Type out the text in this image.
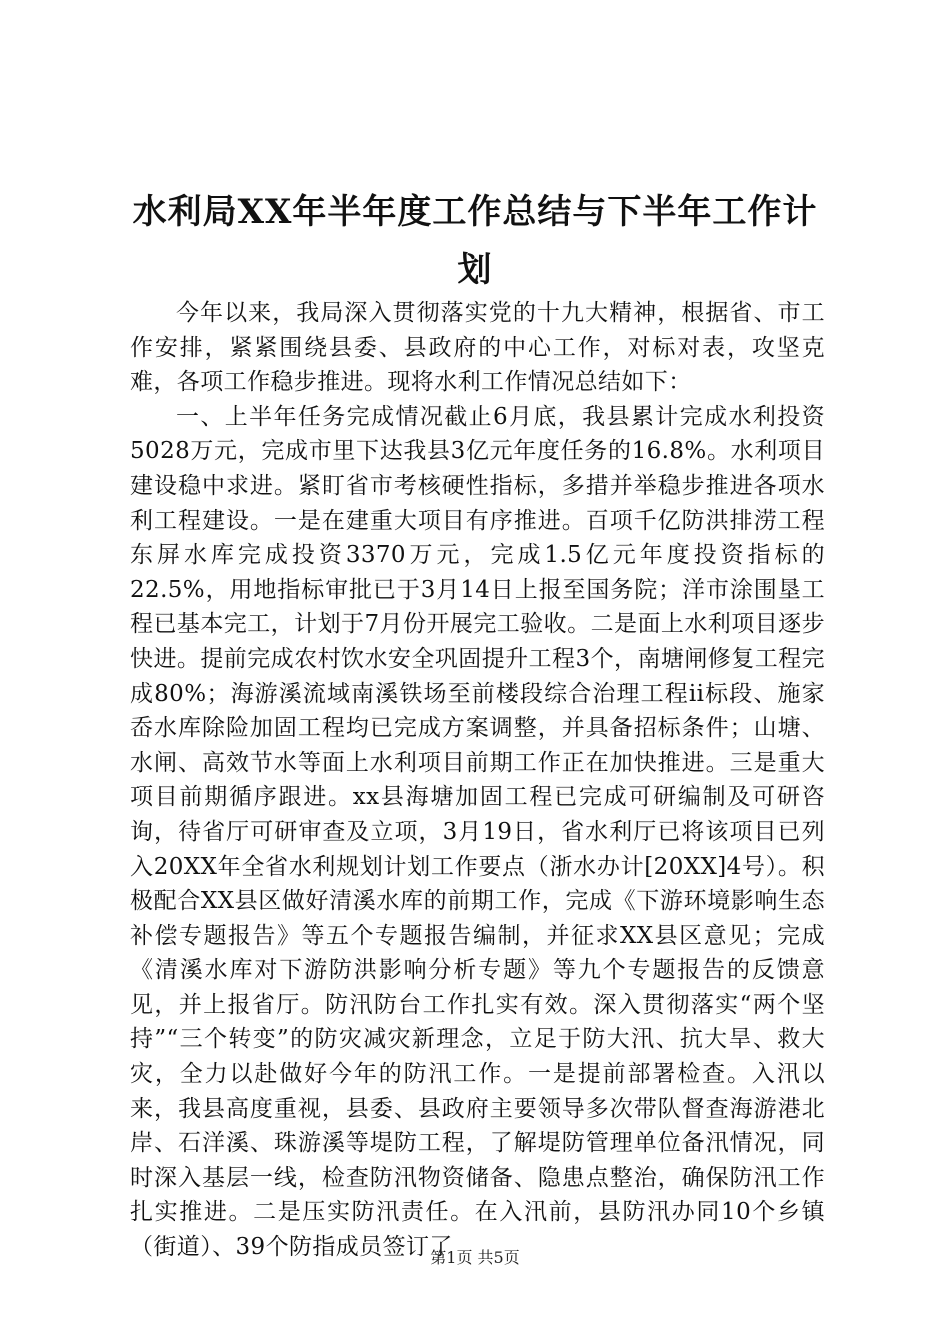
水利局XX年半年度工作总结与下半年工作计划

今年以来，我局深入贯彻落实党的十九大精神，根据省、市工作安排，紧紧围绕县委、县政府的中心工作，对标对表，攻坚克难，各项工作稳步推进。现将水利工作情况总结如下：

一、上半年任务完成情况截止6月底，我县累计完成水利投资5028万元，完成市里下达我县3亿元年度任务的16.8%。水利项目建设稳中求进。紧盯省市考核硬性指标，多措并举稳步推进各项水利工程建设。一是在建重大项目有序推进。百项千亿防洪排涝工程东屏水库完成投资3370万元，完成1.5亿元年度投资指标的22.5%，用地指标审批已于3月14日上报至国务院；洋市涂围垦工程已基本完工，计划于7月份开展完工验收。二是面上水利项目逐步快进。提前完成农村饮水安全巩固提升工程3个，南塘闸修复工程完成80%；海游溪流域南溪铁场至前楼段综合治理工程ii标段、施家岙水库除险加固工程均已完成方案调整，并具备招标条件；山塘、水闸、高效节水等面上水利项目前期工作正在加快推进。三是重大项目前期循序跟进。xx县海塘加固工程已完成可研编制及可研咨询，待省厅可研审查及立项，3月19日，省水利厅已将该项目已列入20XX年全省水利规划计划工作要点（浙水办计[20XX]4号）。积极配合XX县区做好清溪水库的前期工作，完成《下游环境影响生态补偿专题报告》等五个专题报告编制，并征求XX县区意见；完成《清溪水库对下游防洪影响分析专题》等九个专题报告的反馈意见，并上报省厅。防汛防台工作扎实有效。深入贯彻落实“两个坚持”“三个转变”的防灾减灾新理念，立足于防大汛、抗大旱、救大灾，全力以赴做好今年的防汛工作。一是提前部署检查。入汛以来，我县高度重视，县委、县政府主要领导多次带队督查海游港北岸、石洋溪、珠游溪等堤防工程，了解堤防管理单位备汛情况，同时深入基层一线，检查防汛物资储备、隐患点整治，确保防汛工作扎实推进。二是压实防汛责任。在入汛前，县防汛办同10个乡镇（街道）、39个防指成员签订了

第1页 共5页
